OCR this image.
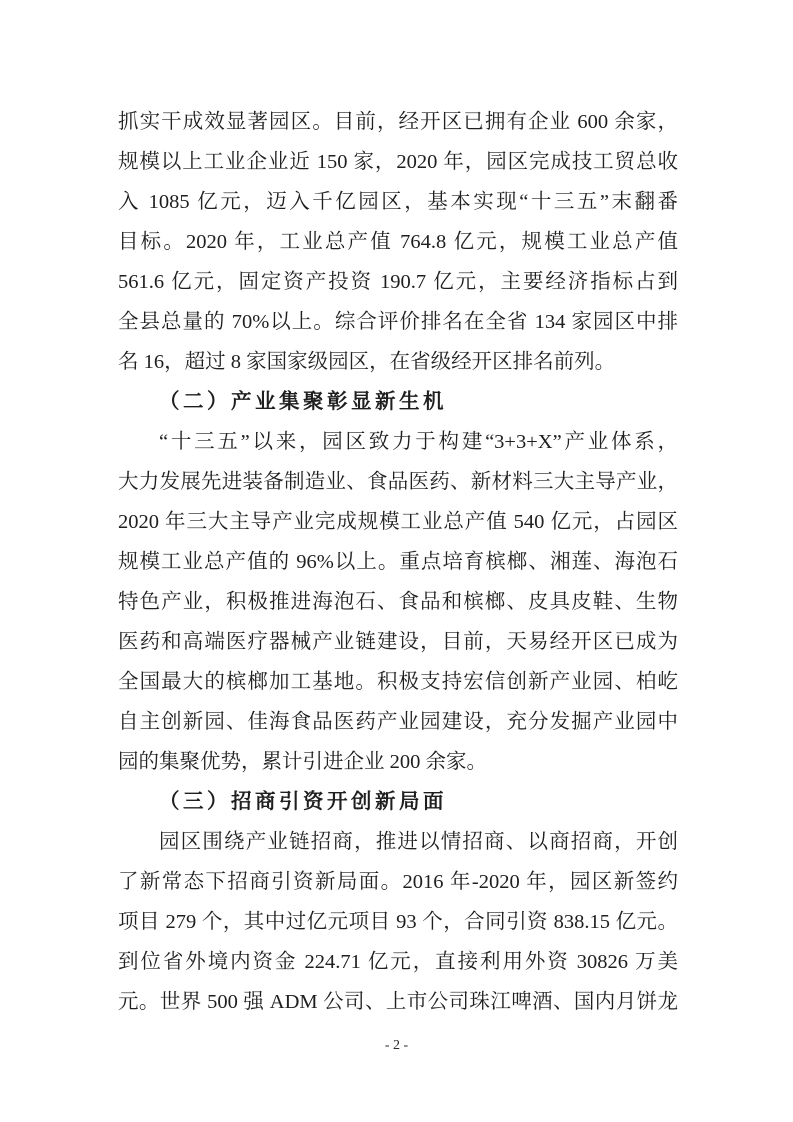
抓实干成效显著园区。目前，经开区已拥有企业 600 余家，
规模以上工业企业近 150 家，2020 年，园区完成技工贸总收
入 1085 亿元，迈入千亿园区，基本实现“十三五”末翻番
目标。2020 年，工业总产值 764.8 亿元，规模工业总产值
561.6 亿元，固定资产投资 190.7 亿元，主要经济指标占到
全县总量的 70%以上。综合评价排名在全省 134 家园区中排
名 16，超过 8 家国家级园区，在省级经开区排名前列。
（二）产业集聚彰显新生机
“十三五”以来，园区致力于构建“3+3+X”产业体系，
大力发展先进装备制造业、食品医药、新材料三大主导产业，
2020 年三大主导产业完成规模工业总产值 540 亿元，占园区
规模工业总产值的 96%以上。重点培育槟榔、湘莲、海泡石
特色产业，积极推进海泡石、食品和槟榔、皮具皮鞋、生物
医药和高端医疗器械产业链建设，目前，天易经开区已成为
全国最大的槟榔加工基地。积极支持宏信创新产业园、柏屹
自主创新园、佳海食品医药产业园建设，充分发掘产业园中
园的集聚优势，累计引进企业 200 余家。
（三）招商引资开创新局面
园区围绕产业链招商，推进以情招商、以商招商，开创
了新常态下招商引资新局面。2016 年-2020 年，园区新签约
项目 279 个，其中过亿元项目 93 个，合同引资 838.15 亿元。
到位省外境内资金 224.71 亿元，直接利用外资 30826 万美
元。世界 500 强 ADM 公司、上市公司珠江啤酒、国内月饼龙
- 2 -
